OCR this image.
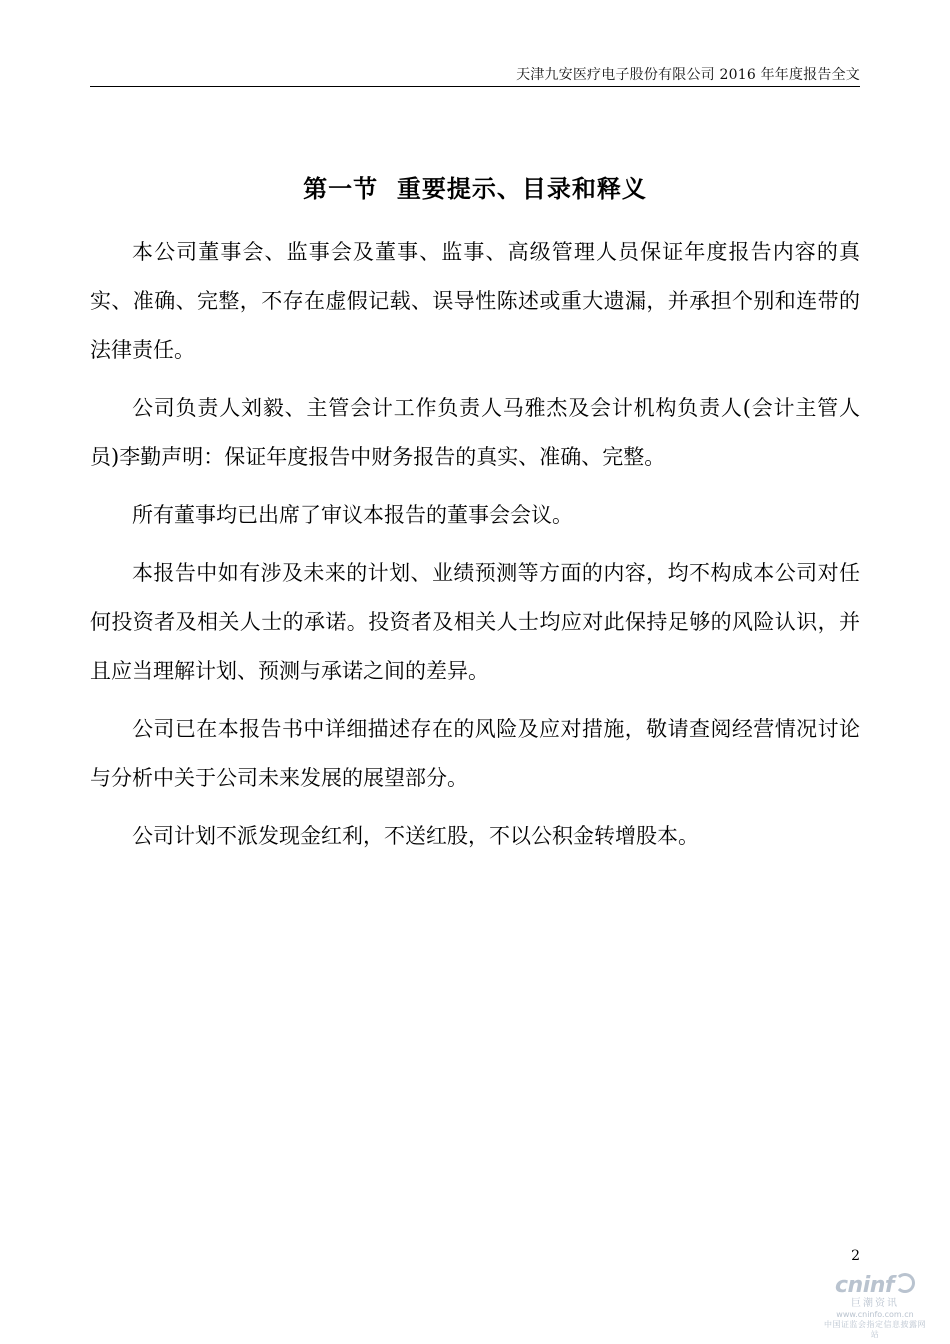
天津九安医疗电子股份有限公司 2016 年年度报告全文
第一节  重要提示、目录和释义

本公司董事会、监事会及董事、监事、高级管理人员保证年度报告内容的真实、准确、完整，不存在虚假记载、误导性陈述或重大遗漏，并承担个别和连带的法律责任。

公司负责人刘毅、主管会计工作负责人马雅杰及会计机构负责人(会计主管人员)李勤声明：保证年度报告中财务报告的真实、准确、完整。

所有董事均已出席了审议本报告的董事会会议。

本报告中如有涉及未来的计划、业绩预测等方面的内容，均不构成本公司对任何投资者及相关人士的承诺。投资者及相关人士均应对此保持足够的风险认识，并且应当理解计划、预测与承诺之间的差异。

公司已在本报告书中详细描述存在的风险及应对措施，敬请查阅经营情况讨论与分析中关于公司未来发展的展望部分。

公司计划不派发现金红利，不送红股，不以公积金转增股本。

2
cninf
巨潮资讯
www.cninfo.com.cn
中国证监会指定信息披露网站
